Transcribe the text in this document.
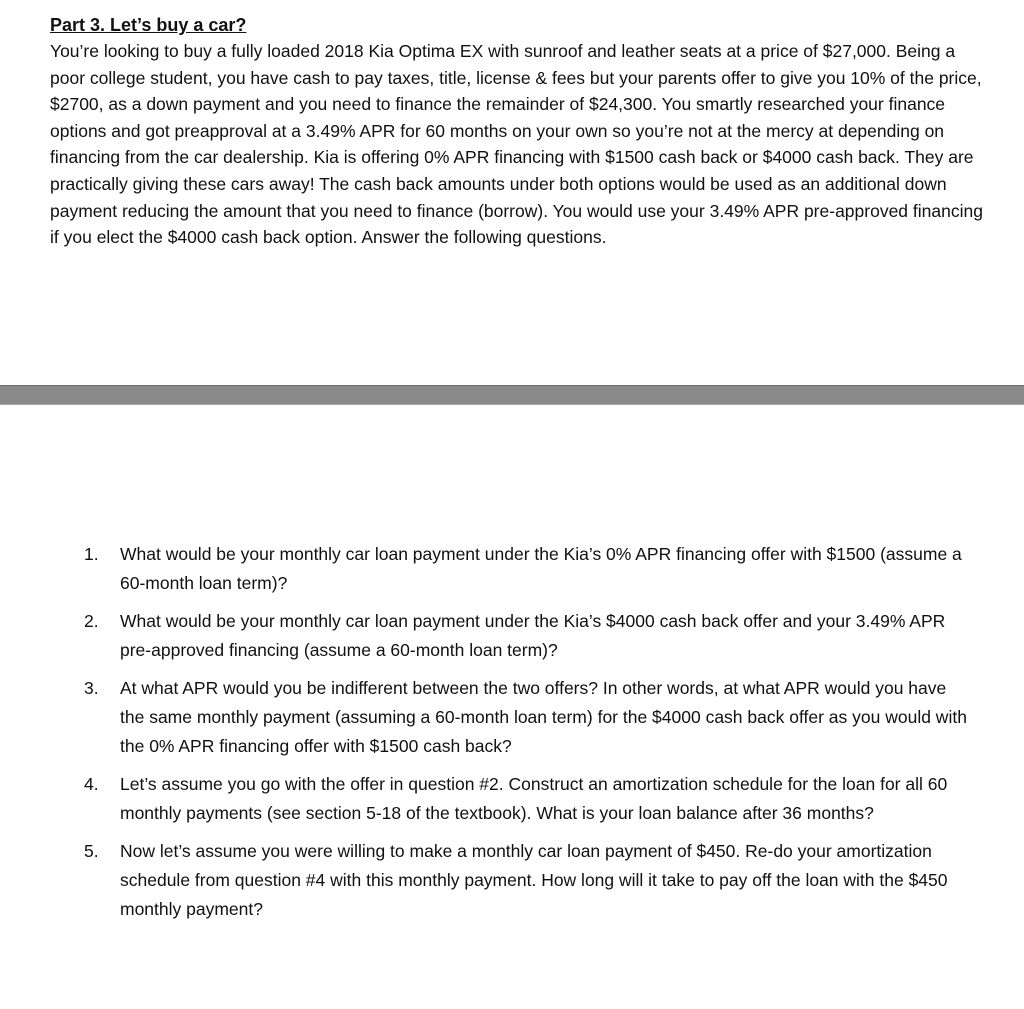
Part 3. Let’s buy a car?

You’re looking to buy a fully loaded 2018 Kia Optima EX with sunroof and leather seats at a price of $27,000. Being a poor college student, you have cash to pay taxes, title, license & fees but your parents offer to give you 10% of the price, $2700, as a down payment and you need to finance the remainder of $24,300. You smartly researched your finance options and got preapproval at a 3.49% APR for 60 months on your own so you’re not at the mercy at depending on financing from the car dealership. Kia is offering 0% APR financing with $1500 cash back or $4000 cash back. They are practically giving these cars away! The cash back amounts under both options would be used as an additional down payment reducing the amount that you need to finance (borrow). You would use your 3.49% APR pre-approved financing if you elect the $4000 cash back option. Answer the following questions.

1.	What would be your monthly car loan payment under the Kia’s 0% APR financing offer with $1500 (assume a 60-month loan term)?
2.	What would be your monthly car loan payment under the Kia’s $4000 cash back offer and your 3.49% APR pre-approved financing (assume a 60-month loan term)?
3.	At what APR would you be indifferent between the two offers? In other words, at what APR would you have the same monthly payment (assuming a 60-month loan term) for the $4000 cash back offer as you would with the 0% APR financing offer with $1500 cash back?
4.	Let’s assume you go with the offer in question #2. Construct an amortization schedule for the loan for all 60 monthly payments (see section 5-18 of the textbook). What is your loan balance after 36 months?
5.	Now let’s assume you were willing to make a monthly car loan payment of $450. Re-do your amortization schedule from question #4 with this monthly payment. How long will it take to pay off the loan with the $450 monthly payment?
